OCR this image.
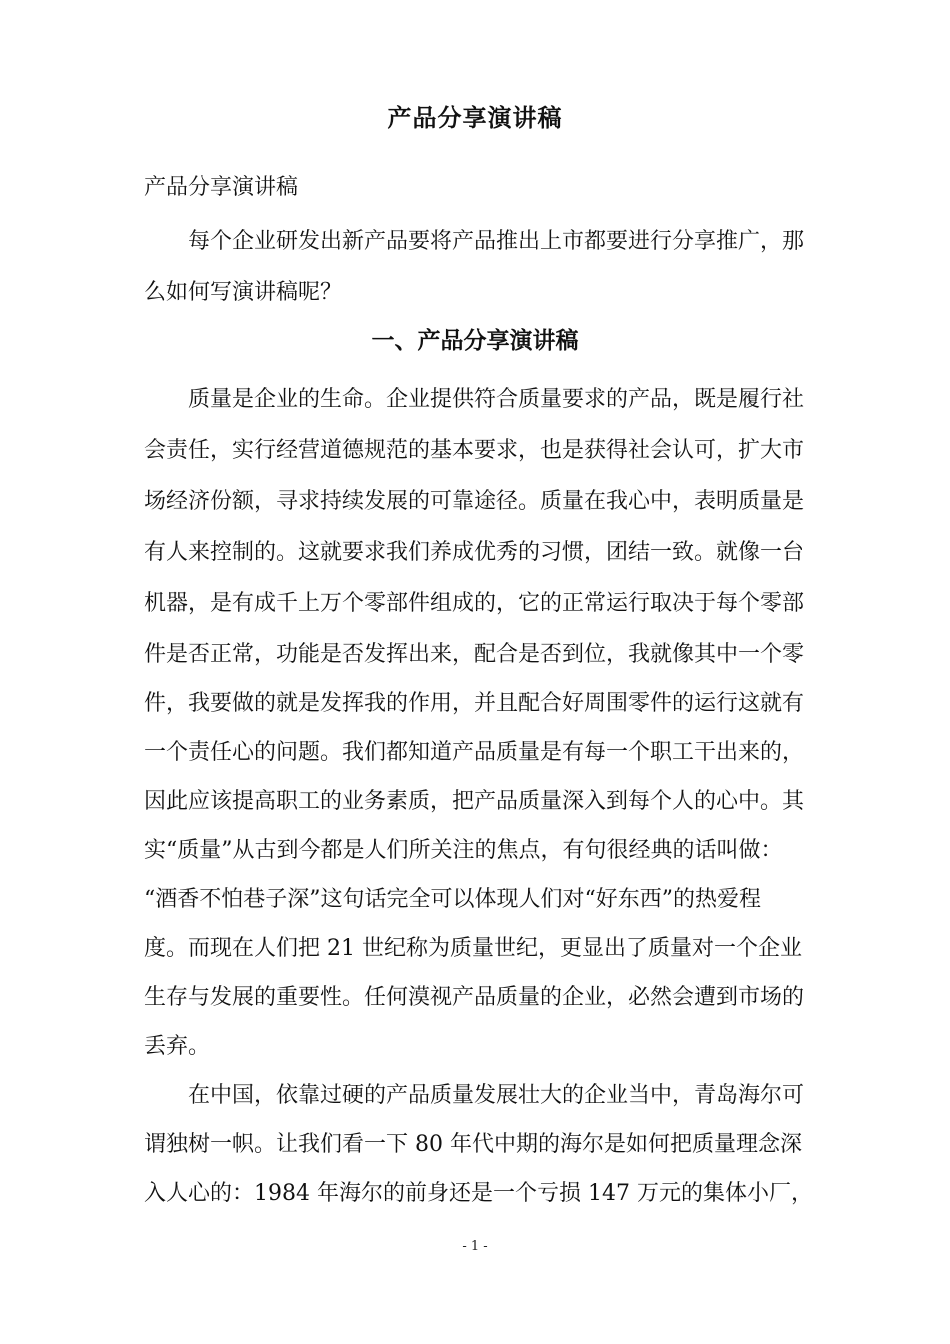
产品分享演讲稿
产品分享演讲稿
每个企业研发出新产品要将产品推出上市都要进行分享推广，那
么如何写演讲稿呢？
一、产品分享演讲稿
质量是企业的生命。企业提供符合质量要求的产品，既是履行社
会责任，实行经营道德规范的基本要求，也是获得社会认可，扩大市
场经济份额，寻求持续发展的可靠途径。质量在我心中，表明质量是
有人来控制的。这就要求我们养成优秀的习惯，团结一致。就像一台
机器，是有成千上万个零部件组成的，它的正常运行取决于每个零部
件是否正常，功能是否发挥出来，配合是否到位，我就像其中一个零
件，我要做的就是发挥我的作用，并且配合好周围零件的运行这就有
一个责任心的问题。我们都知道产品质量是有每一个职工干出来的，
因此应该提高职工的业务素质，把产品质量深入到每个人的心中。其
实“质量”从古到今都是人们所关注的焦点，有句很经典的话叫做：
“酒香不怕巷子深”这句话完全可以体现人们对“好东西”的热爱程
度。而现在人们把 21 世纪称为质量世纪，更显出了质量对一个企业
生存与发展的重要性。任何漠视产品质量的企业，必然会遭到市场的
丢弃。
在中国，依靠过硬的产品质量发展壮大的企业当中，青岛海尔可
谓独树一帜。让我们看一下 80 年代中期的海尔是如何把质量理念深
入人心的：1984 年海尔的前身还是一个亏损 147 万元的集体小厂，
- 1 -
